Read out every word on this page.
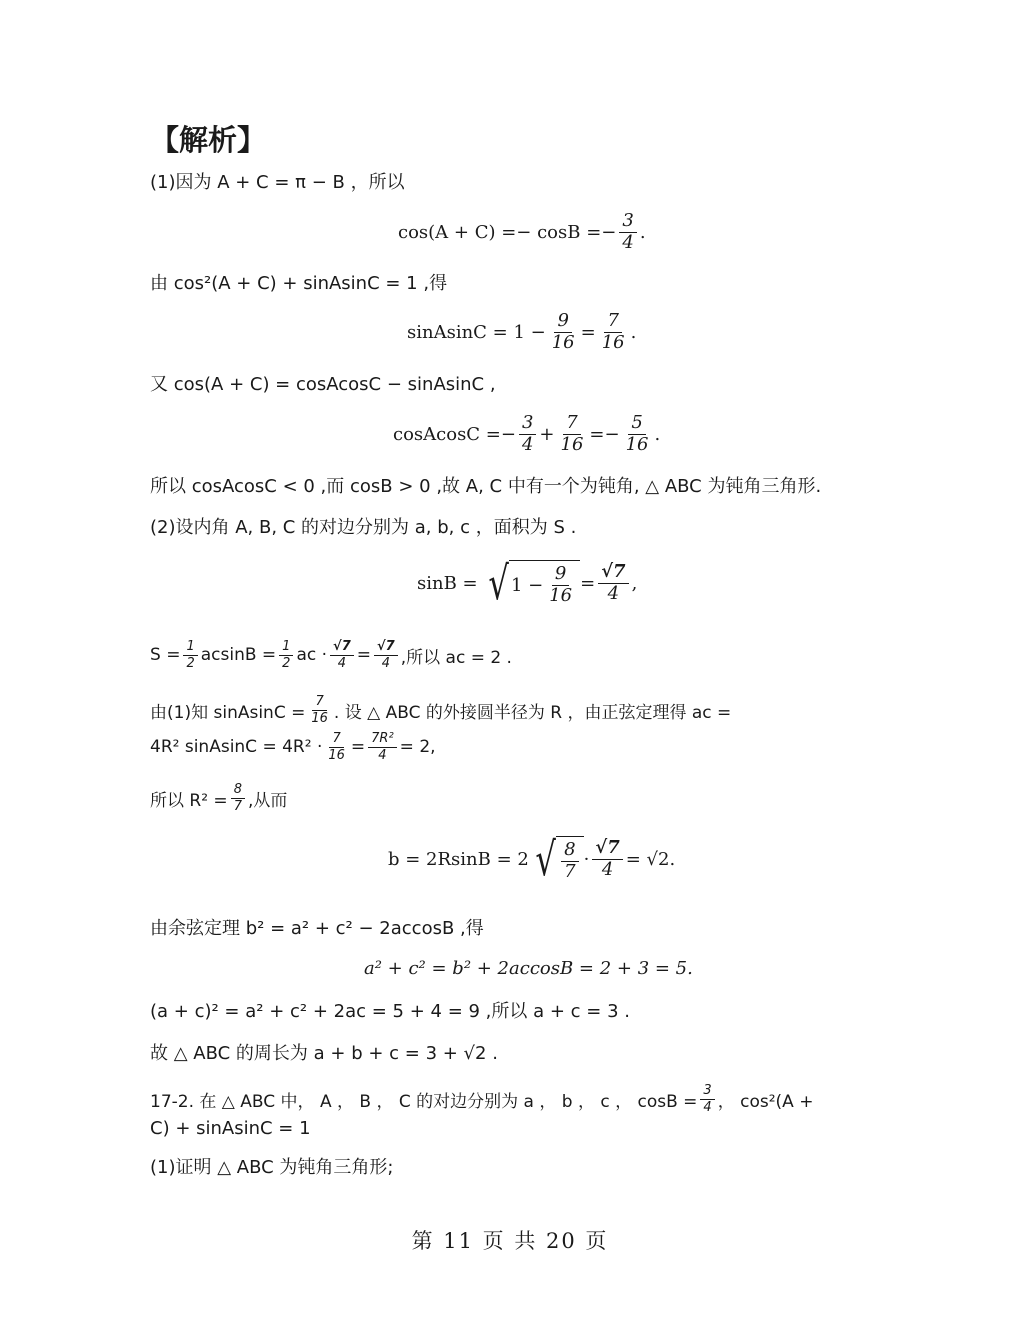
【解析】
(1)因为 A + C = π − B ，所以
$\cos(A + C) =- \cos B =- \frac{3}{4}$ .
由 cos²(A + C) + sinAsinC = 1 ,得
sinAsinC = $1 - \frac{9}{16} = \frac{7}{16}$ .
又 cos(A + C) = cosAcosC − sinAsinC ,
cosAcosC =− $\frac{3}{4} + \frac{7}{16} =- \frac{5}{16}$ .
所以 cosAcosC < 0 ,而 cosB > 0 ,故 A, C 中有一个为钝角, △ ABC 为钝角三角形.
(2)设内角 A, B, C 的对边分别为 a, b, c ，面积为 S .
sinB = √ $1 - \frac{9}{16} = \frac{√7}{4}$ ,
$S = \frac{1}{2}$ $acsinB = \frac{1}{2}$ ac · $\frac{√7}{4} = \frac{√7}{4}$ ,所以 ac = 2 .
由(1)知 sinAsinC = $\frac{7}{16}$ . 设 △ ABC 的外接圆半径为 R ，由正弦定理得 ac =
4R² sinAsinC = $4R^2 \cdot \frac{7}{16} = \frac{\text{7R²}}{4} = 2$,
所以 $R^2 = \frac{8}{7}$ ,从而
b = 2RsinB = 2 √ $\frac{8}{7} \cdot \frac{√7}{4} = √2$.
由余弦定理 b² = a² + c² − 2accosB ,得
a² + c² = b² + 2accosB = 2 + 3 = 5.
(a + c)² = a² + c² + 2ac = 5 + 4 = 9 ,所以 a + c = 3 .
故 △ ABC 的周长为 a + b + c = 3 + √2 .
17-2. 在 △ ABC 中， A ， B ， C 的对边分别为 a ， b ， c ， $\cos B = \frac{3}{4}$ ， cos²(A +
C) + sinAsinC = 1
(1)证明 △ ABC 为钝角三角形;
第 11 页 共 20 页
